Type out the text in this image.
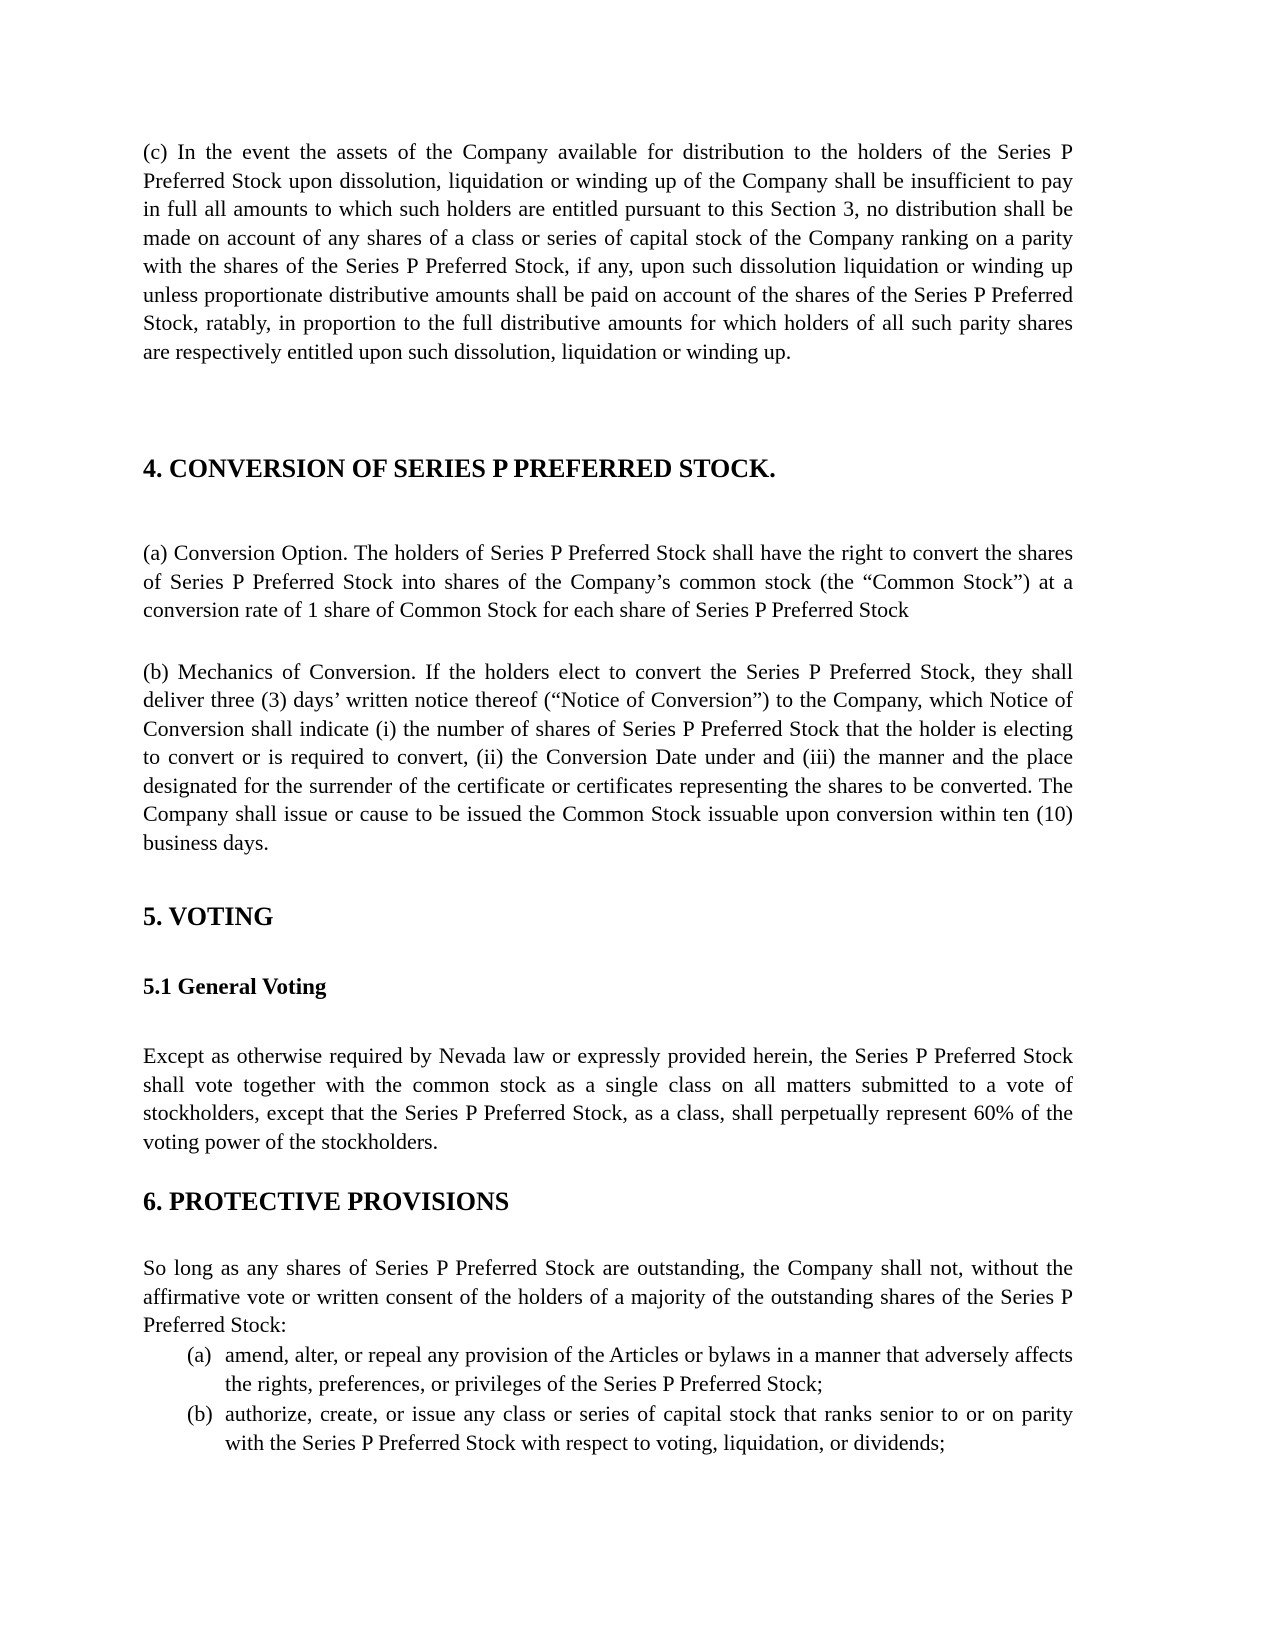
(c) In the event the assets of the Company available for distribution to the holders of the Series P Preferred Stock upon dissolution, liquidation or winding up of the Company shall be insufficient to pay in full all amounts to which such holders are entitled pursuant to this Section 3, no distribution shall be made on account of any shares of a class or series of capital stock of the Company ranking on a parity with the shares of the Series P Preferred Stock, if any, upon such dissolution liquidation or winding up unless proportionate distributive amounts shall be paid on account of the shares of the Series P Preferred Stock, ratably, in proportion to the full distributive amounts for which holders of all such parity shares are respectively entitled upon such dissolution, liquidation or winding up.

4. CONVERSION OF SERIES P PREFERRED STOCK.

(a) Conversion Option. The holders of Series P Preferred Stock shall have the right to convert the shares of Series P Preferred Stock into shares of the Company’s common stock (the “Common Stock”) at a conversion rate of 1 share of Common Stock for each share of Series P Preferred Stock

(b) Mechanics of Conversion. If the holders elect to convert the Series P Preferred Stock, they shall deliver three (3) days’ written notice thereof (“Notice of Conversion”) to the Company, which Notice of Conversion shall indicate (i) the number of shares of Series P Preferred Stock that the holder is electing to convert or is required to convert, (ii) the Conversion Date under and (iii) the manner and the place designated for the surrender of the certificate or certificates representing the shares to be converted. The Company shall issue or cause to be issued the Common Stock issuable upon conversion within ten (10) business days.

5. VOTING
5.1 General Voting

Except as otherwise required by Nevada law or expressly provided herein, the Series P Preferred Stock shall vote together with the common stock as a single class on all matters submitted to a vote of stockholders, except that the Series P Preferred Stock, as a class, shall perpetually represent 60% of the voting power of the stockholders.

6. PROTECTIVE PROVISIONS

So long as any shares of Series P Preferred Stock are outstanding, the Company shall not, without the affirmative vote or written consent of the holders of a majority of the outstanding shares of the Series P Preferred Stock:

(a) amend, alter, or repeal any provision of the Articles or bylaws in a manner that adversely affects the rights, preferences, or privileges of the Series P Preferred Stock;
(b) authorize, create, or issue any class or series of capital stock that ranks senior to or on parity with the Series P Preferred Stock with respect to voting, liquidation, or dividends;
